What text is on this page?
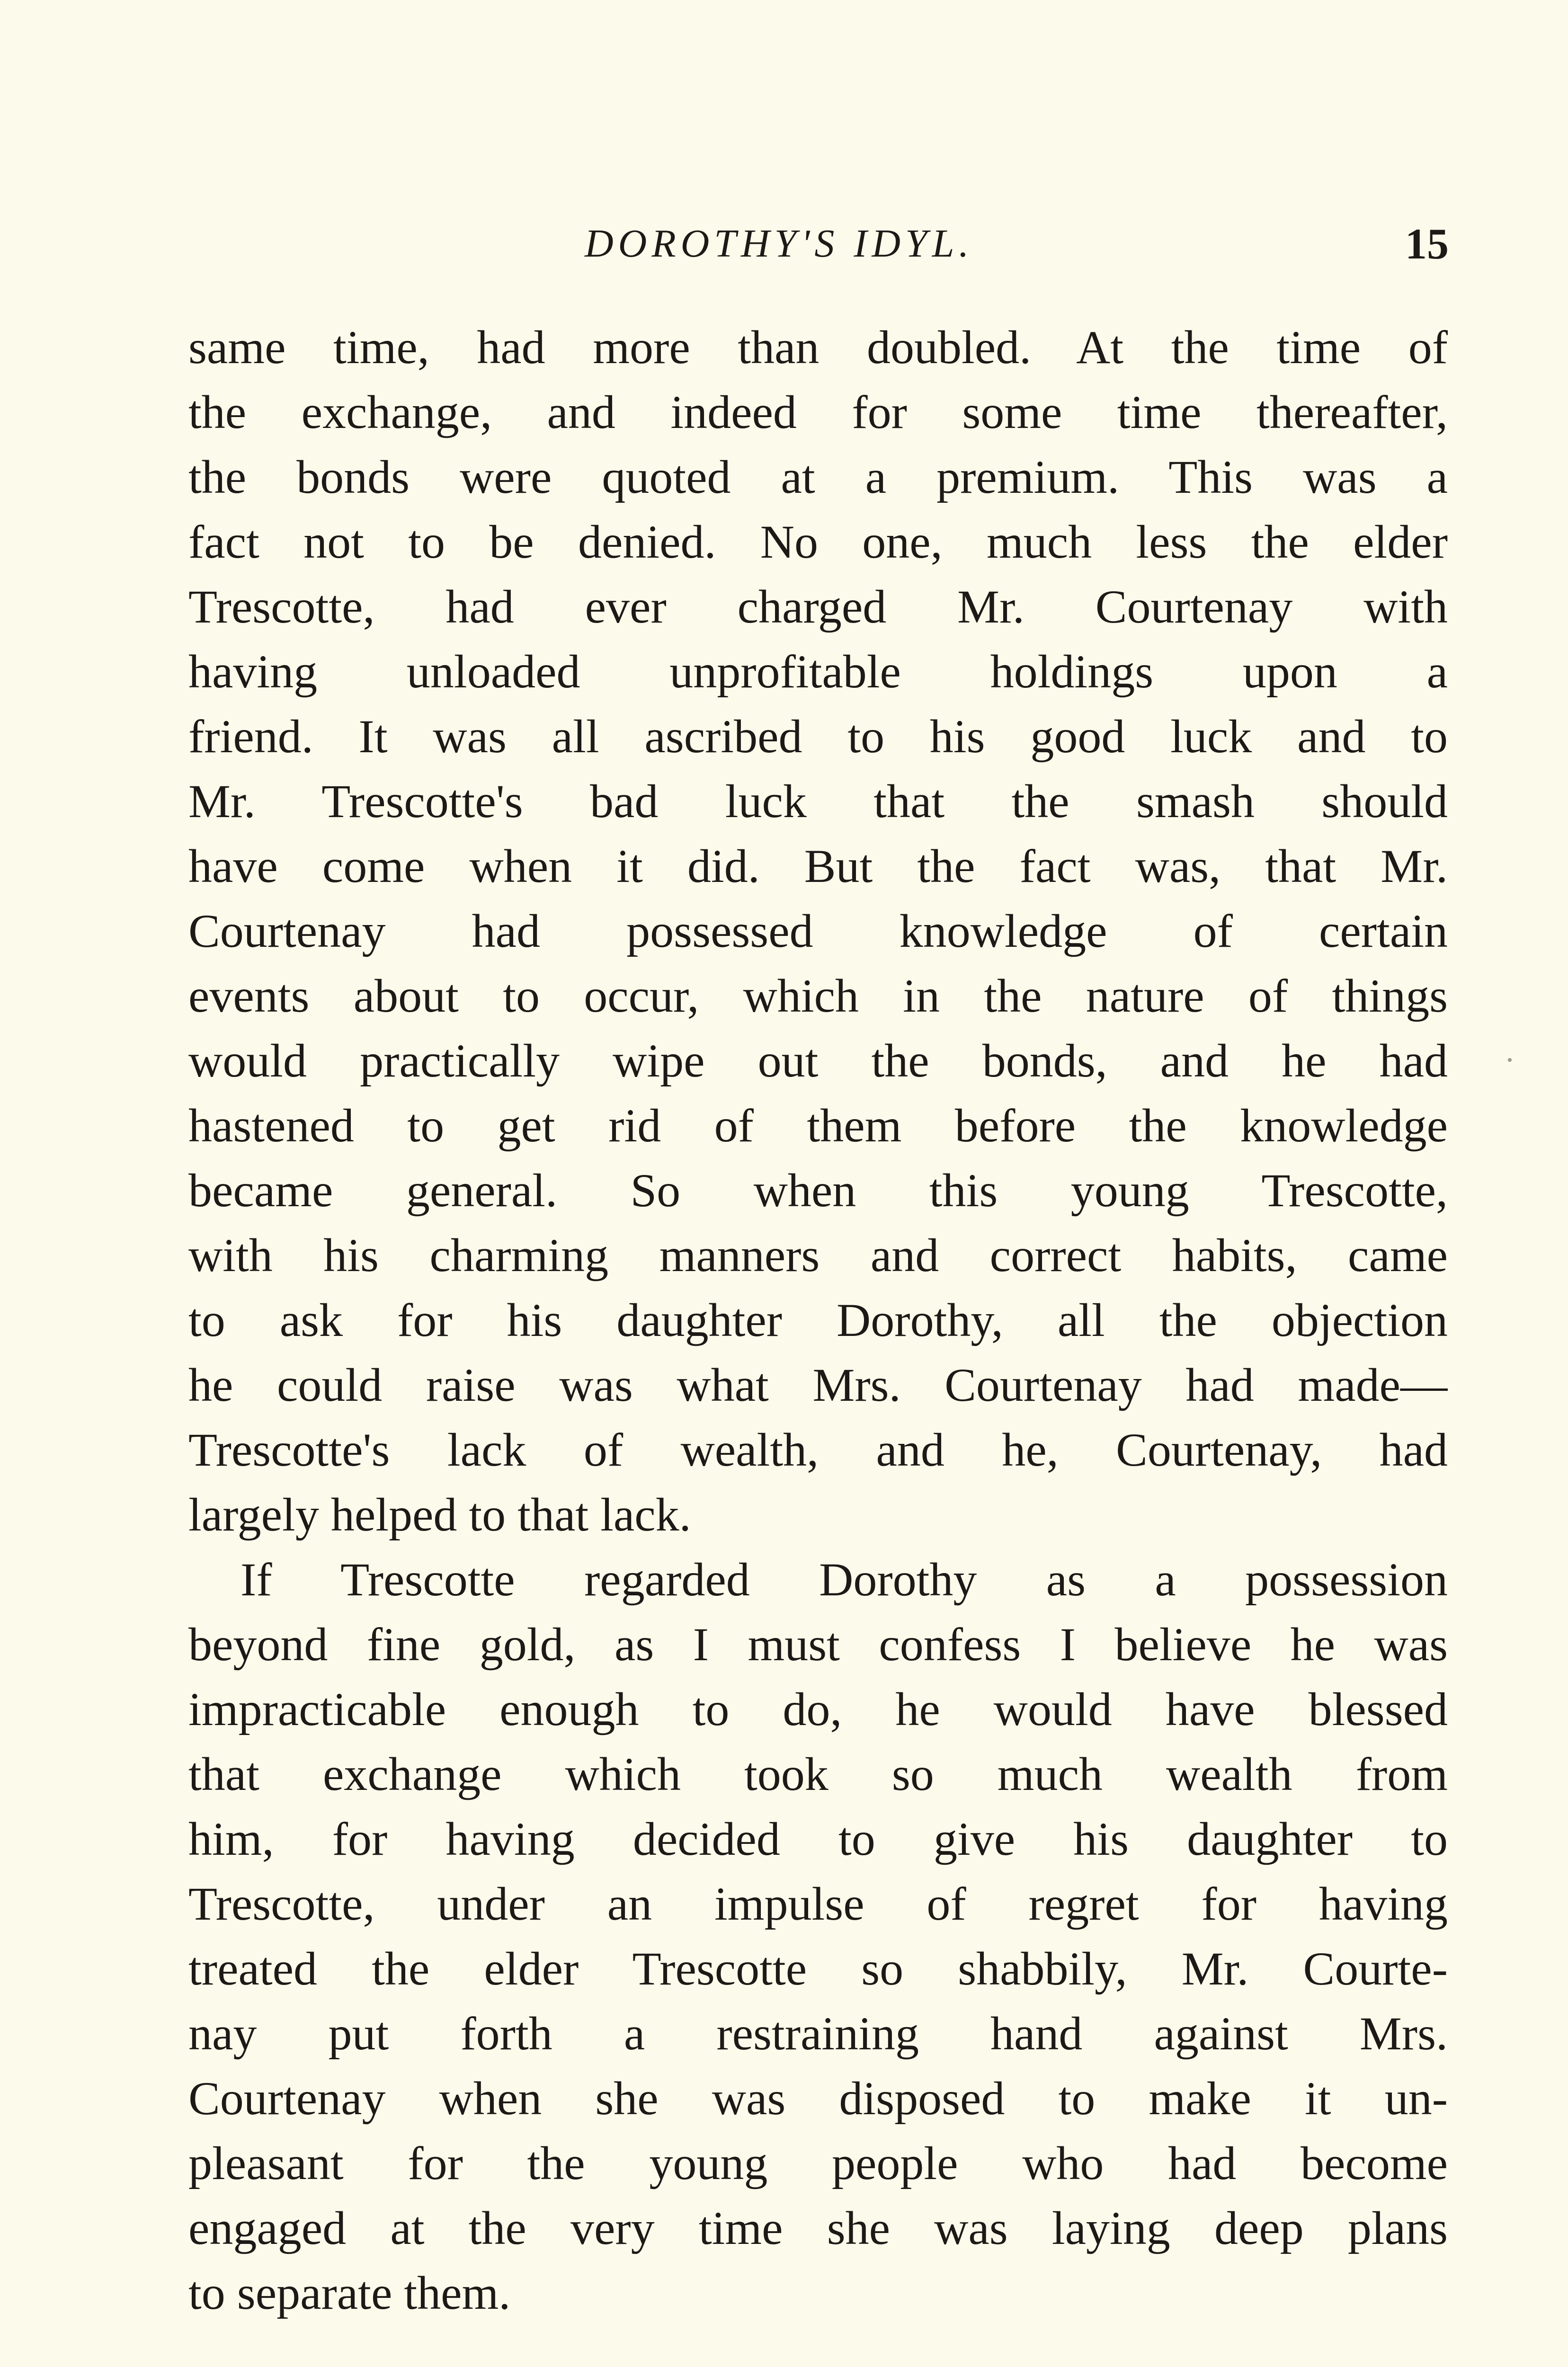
DOROTHY'S IDYL.	15
same time, had more than doubled. At the time of
the exchange, and indeed for some time thereafter,
the bonds were quoted at a premium. This was a
fact not to be denied. No one, much less the elder
Trescotte, had ever charged Mr. Courtenay with
having unloaded unprofitable holdings upon a
friend. It was all ascribed to his good luck and to
Mr. Trescotte's bad luck that the smash should
have come when it did. But the fact was, that Mr.
Courtenay had possessed knowledge of certain
events about to occur, which in the nature of things
would practically wipe out the bonds, and he had
hastened to get rid of them before the knowledge
became general. So when this young Trescotte,
with his charming manners and correct habits, came
to ask for his daughter Dorothy, all the objection
he could raise was what Mrs. Courtenay had made—
Trescotte's lack of wealth, and he, Courtenay, had
largely helped to that lack.
If Trescotte regarded Dorothy as a possession
beyond fine gold, as I must confess I believe he was
impracticable enough to do, he would have blessed
that exchange which took so much wealth from
him, for having decided to give his daughter to
Trescotte, under an impulse of regret for having
treated the elder Trescotte so shabbily, Mr. Courte-
nay put forth a restraining hand against Mrs.
Courtenay when she was disposed to make it un-
pleasant for the young people who had become
engaged at the very time she was laying deep plans
to separate them.
